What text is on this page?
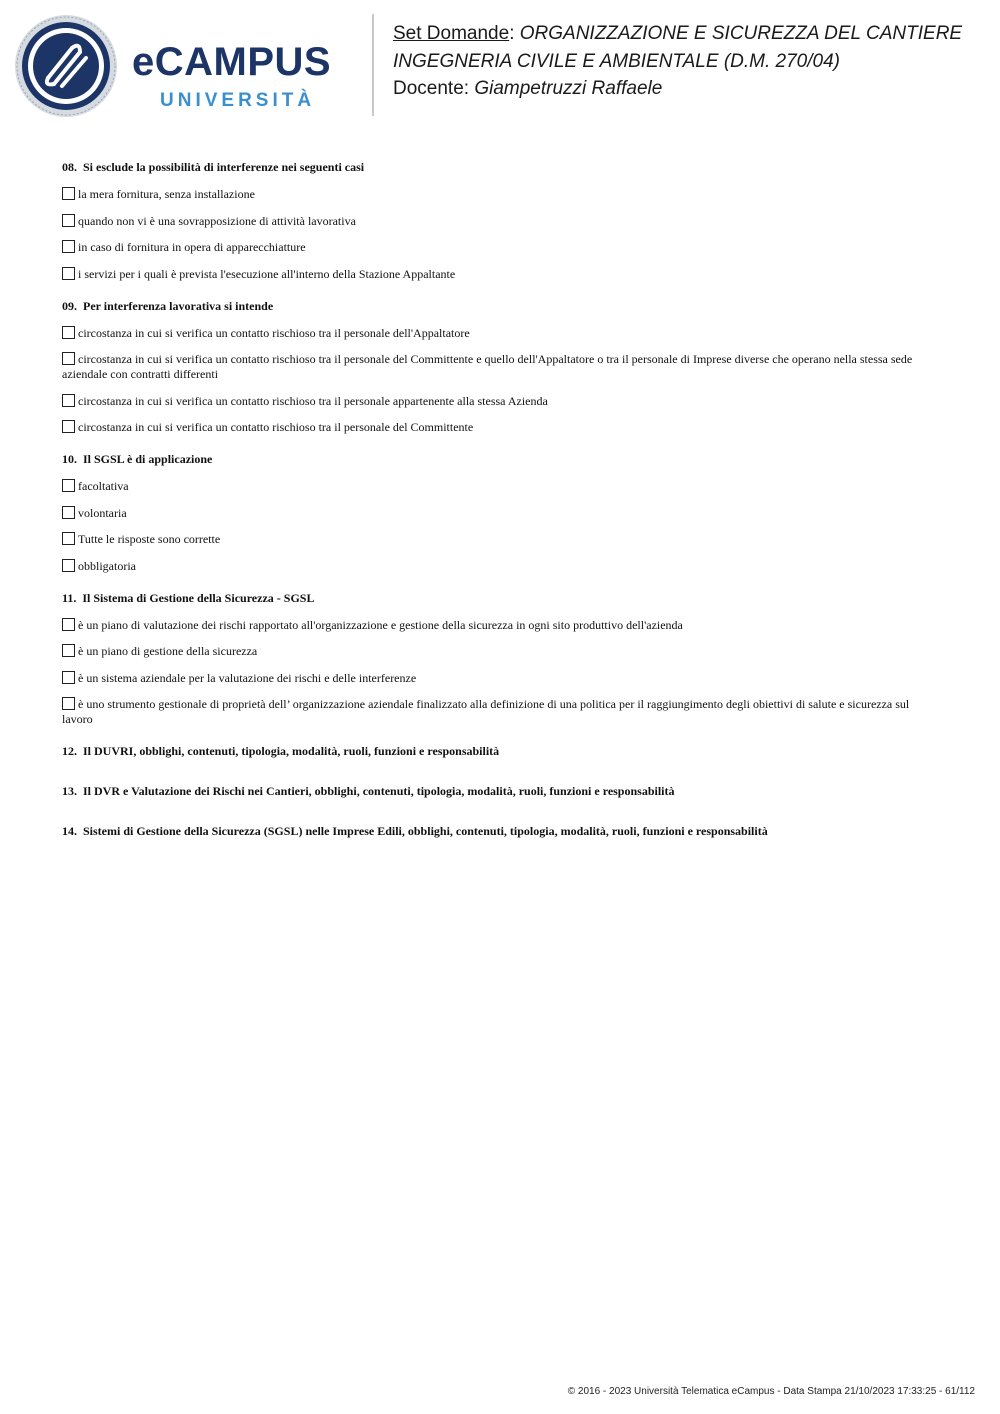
eCAMPUS
UNIVERSITÀ
Set Domande: ORGANIZZAZIONE E SICUREZZA DEL CANTIERE
INGEGNERIA CIVILE E AMBIENTALE (D.M. 270/04)
Docente: Giampetruzzi Raffaele

08. Si esclude la possibilità di interferenze nei seguenti casi

la mera fornitura, senza installazione
quando non vi è una sovrapposizione di attività lavorativa
in caso di fornitura in opera di apparecchiatture
i servizi per i quali è prevista l'esecuzione all'interno della Stazione Appaltante

09. Per interferenza lavorativa si intende

circostanza in cui si verifica un contatto rischioso tra il personale dell'Appaltatore
circostanza in cui si verifica un contatto rischioso tra il personale del Committente e quello dell'Appaltatore o tra il personale di Imprese diverse che operano nella stessa sede aziendale con contratti differenti
circostanza in cui si verifica un contatto rischioso tra il personale appartenente alla stessa Azienda
circostanza in cui si verifica un contatto rischioso tra il personale del Committente

10. Il SGSL è di applicazione

facoltativa
volontaria
Tutte le risposte sono corrette
obbligatoria

11. Il Sistema di Gestione della Sicurezza - SGSL

è un piano di valutazione dei rischi rapportato all'organizzazione e gestione della sicurezza in ogni sito produttivo dell'azienda
è un piano di gestione della sicurezza
è un sistema aziendale per la valutazione dei rischi e delle interferenze
è uno strumento gestionale di proprietà dell’ organizzazione aziendale finalizzato alla definizione di una politica per il raggiungimento degli obiettivi di salute e sicurezza sul lavoro

12. Il DUVRI, obblighi, contenuti, tipologia, modalità, ruoli, funzioni e responsabilità

13. Il DVR e Valutazione dei Rischi nei Cantieri, obblighi, contenuti, tipologia, modalità, ruoli, funzioni e responsabilità

14. Sistemi di Gestione della Sicurezza (SGSL) nelle Imprese Edili, obblighi, contenuti, tipologia, modalità, ruoli, funzioni e responsabilità

© 2016 - 2023 Università Telematica eCampus - Data Stampa 21/10/2023 17:33:25 - 61/112
